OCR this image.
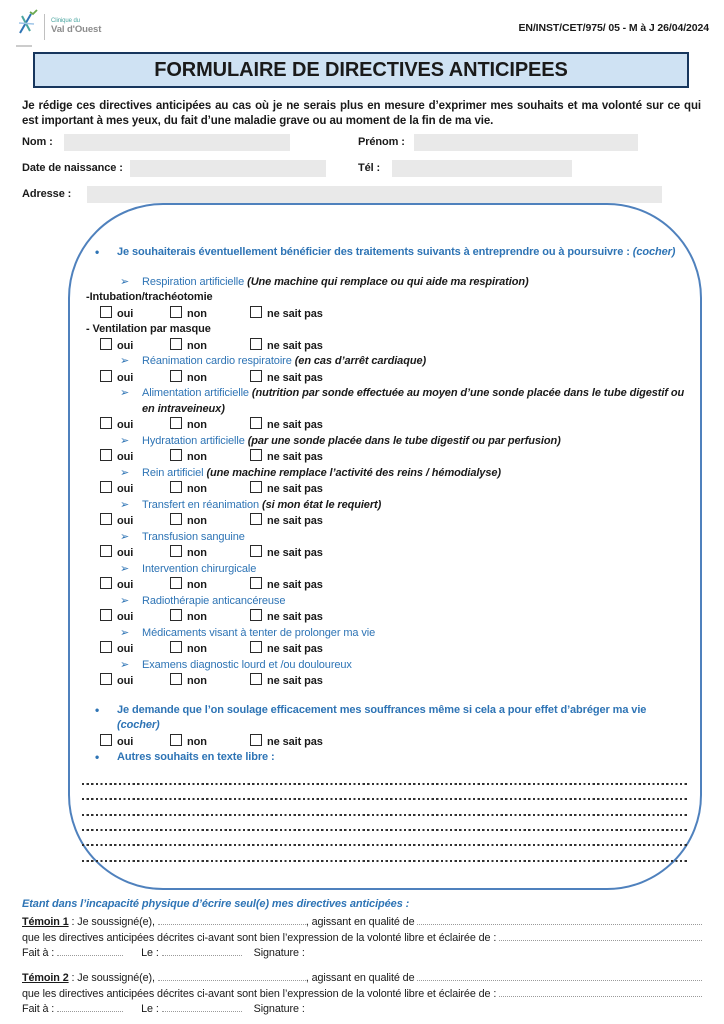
Clinique du
Val d'Ouest	EN/INST/CET/975/ 05 - M à J 26/04/2024
FORMULAIRE DE DIRECTIVES ANTICIPEES

Je rédige ces directives anticipées au cas où je ne serais plus en mesure d’exprimer mes souhaits et ma volonté sur ce qui est important à mes yeux, du fait d’une maladie grave ou au moment de la fin de ma vie.

Nom :	Prénom :
Date de naissance :	Tél :
Adresse :
•	Je souhaiterais éventuellement bénéficier des traitements suivants à entreprendre ou à poursuivre : (cocher)
➢	Respiration artificielle (Une machine qui remplace ou qui aide ma respiration)
-Intubation/trachéotomie
oui	non	ne sait pas
- Ventilation par masque
oui	non	ne sait pas
➢	Réanimation cardio respiratoire (en cas d’arrêt cardiaque)
oui	non	ne sait pas
➢	Alimentation artificielle (nutrition par sonde effectuée au moyen d’une sonde placée dans le tube digestif ou en intraveineux)
oui	non	ne sait pas
➢	Hydratation artificielle (par une sonde placée dans le tube digestif ou par perfusion)
oui	non	ne sait pas
➢	Rein artificiel (une machine remplace l’activité des reins / hémodialyse)
oui	non	ne sait pas
➢	Transfert en réanimation (si mon état le requiert)
oui	non	ne sait pas
➢	Transfusion sanguine
oui	non	ne sait pas
➢	Intervention chirurgicale
oui	non	ne sait pas
➢	Radiothérapie anticancéreuse
oui	non	ne sait pas
➢	Médicaments visant à tenter de prolonger ma vie
oui	non	ne sait pas
➢	Examens diagnostic lourd et /ou douloureux
oui	non	ne sait pas
•	Je demande que l’on soulage efficacement mes souffrances même si cela a pour effet d’abréger ma vie
(cocher)
oui	non	ne sait pas
•	Autres souhaits en texte libre :
Etant dans l’incapacité physique d’écrire seul(e) mes directives anticipées :
Témoin 1 : Je soussigné(e),	, agissant en qualité de
que les directives anticipées décrites ci-avant sont bien l’expression de la volonté libre et éclairée de :
Fait à :	Le :	Signature :
Témoin 2 : Je soussigné(e),	, agissant en qualité de
que les directives anticipées décrites ci-avant sont bien l’expression de la volonté libre et éclairée de :
Fait à :	Le :	Signature :
